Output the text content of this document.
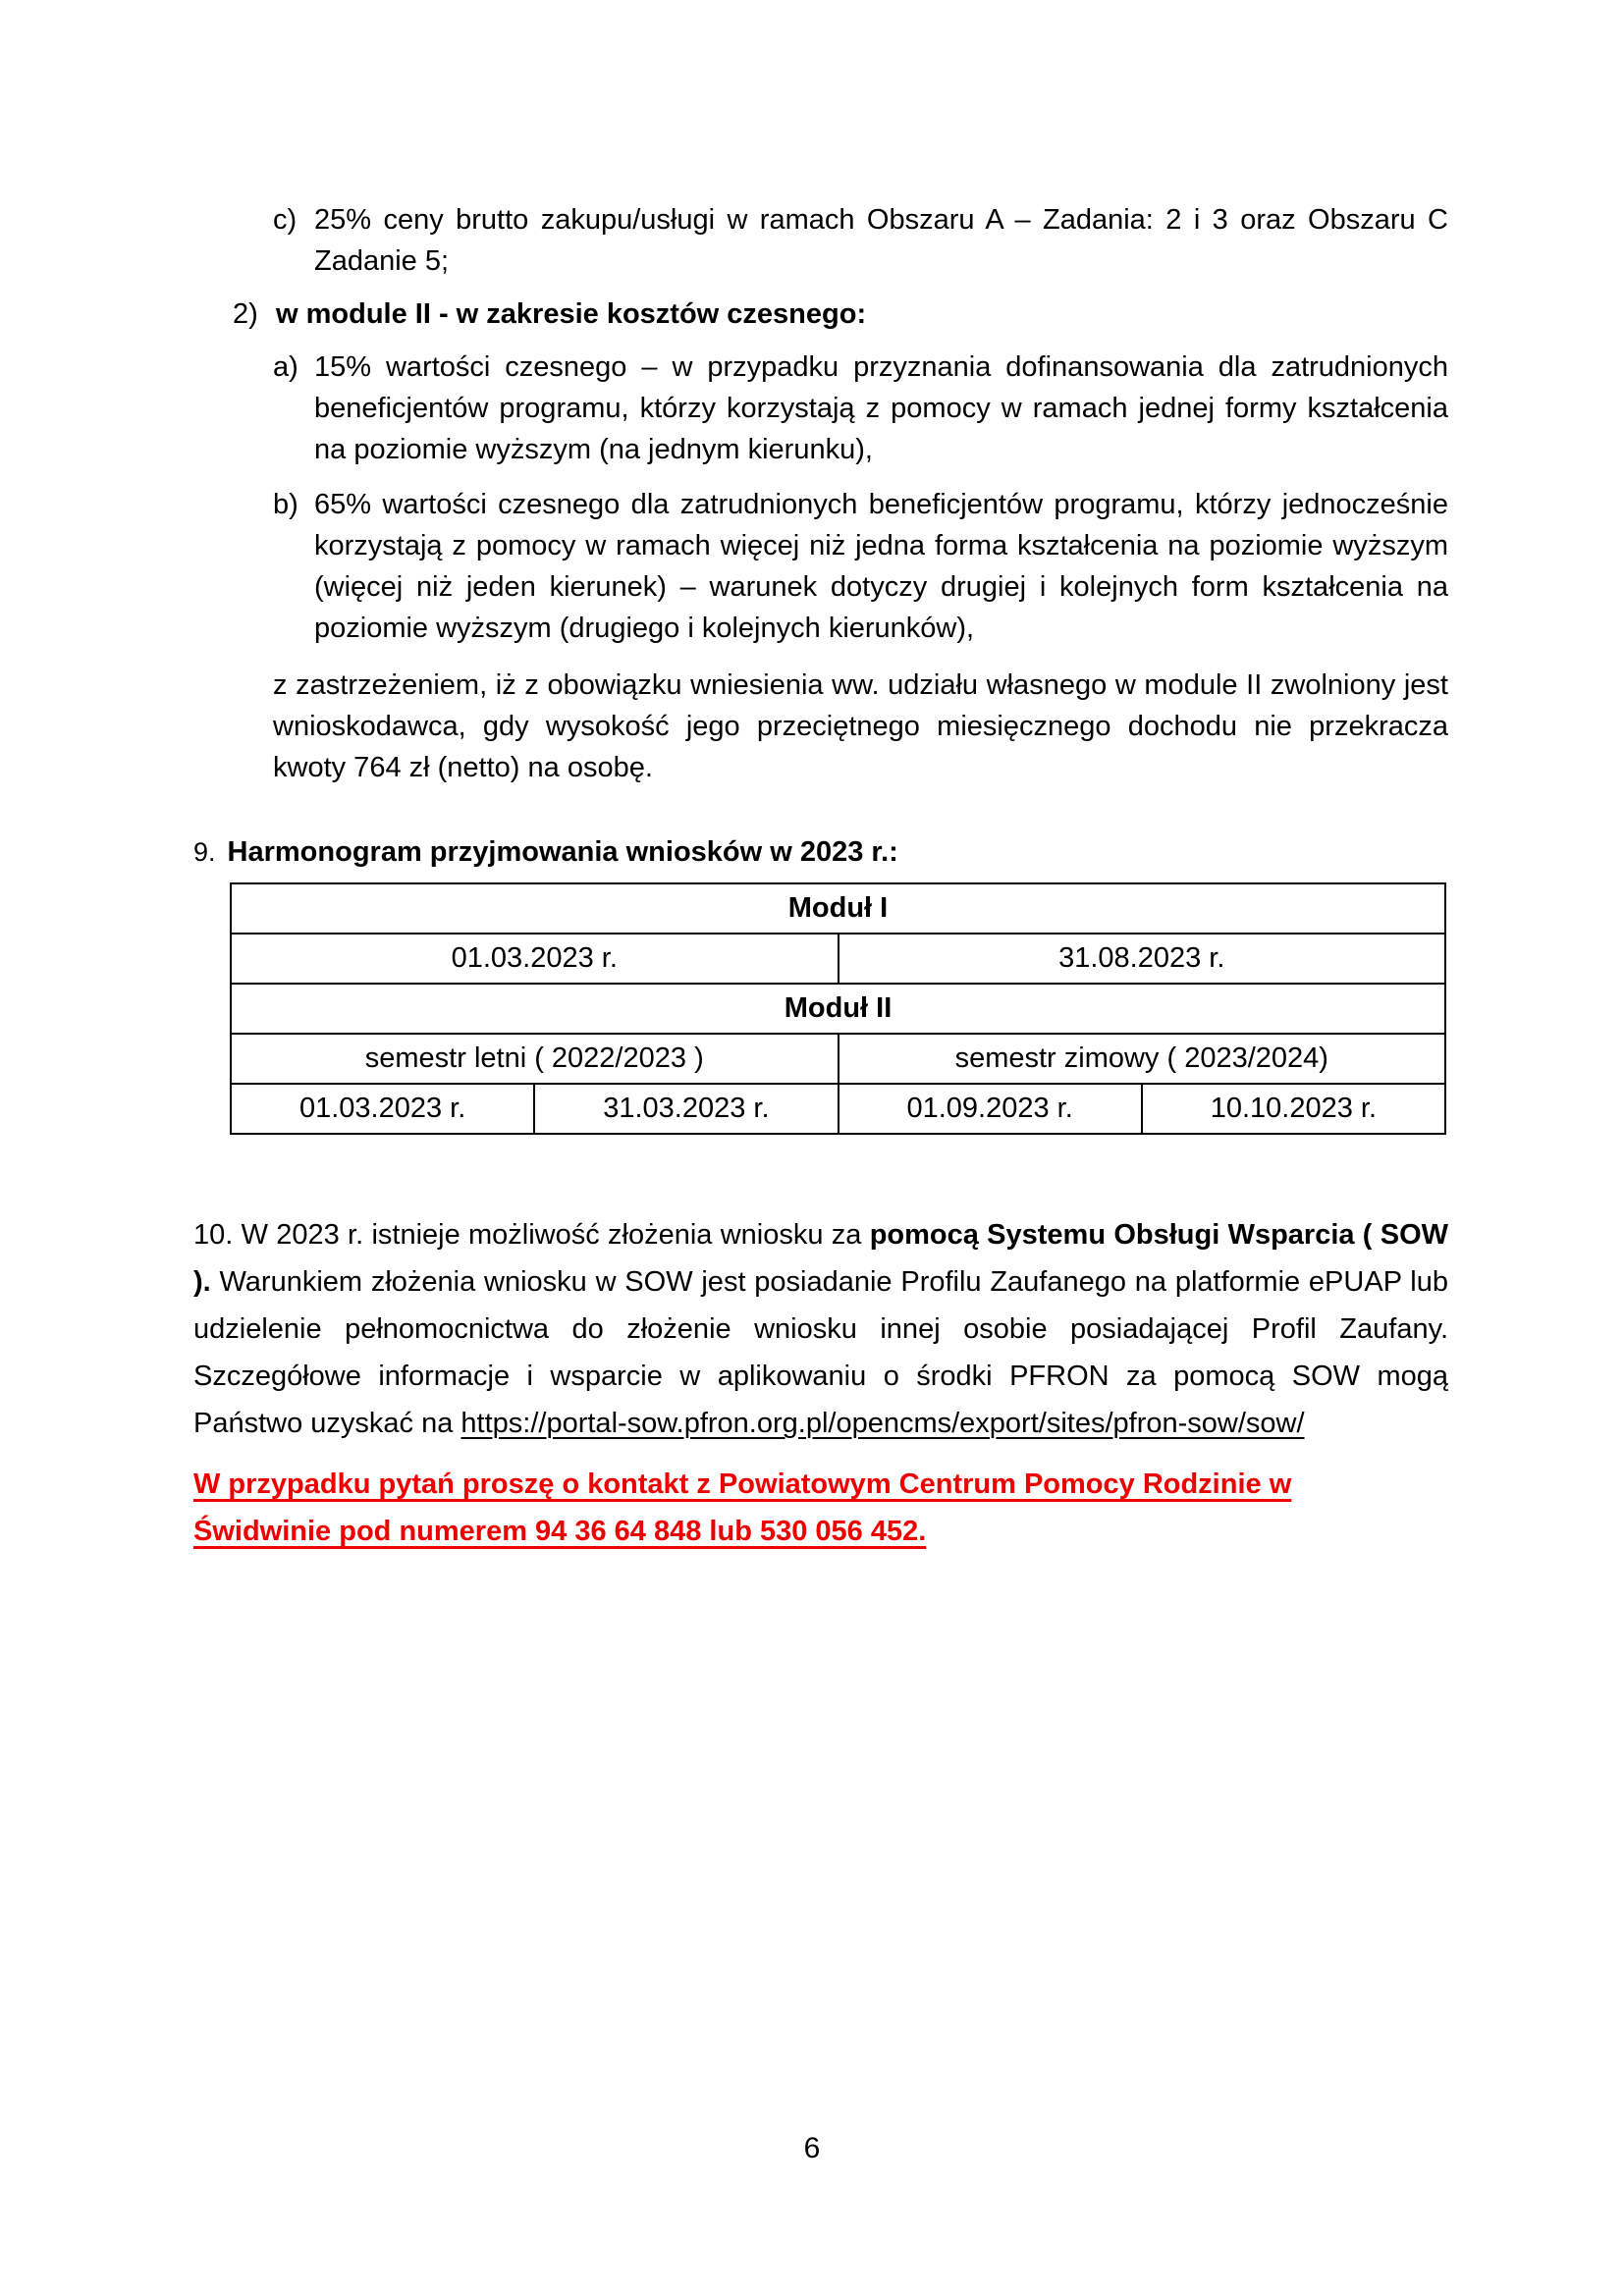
c) 25% ceny brutto zakupu/usługi w ramach Obszaru A – Zadania: 2 i 3 oraz Obszaru C Zadanie 5;
2) w module II - w zakresie kosztów czesnego:
a) 15% wartości czesnego – w przypadku przyznania dofinansowania dla zatrudnionych beneficjentów programu, którzy korzystają z pomocy w ramach jednej formy kształcenia na poziomie wyższym (na jednym kierunku),
b) 65% wartości czesnego dla zatrudnionych beneficjentów programu, którzy jednocześnie korzystają z pomocy w ramach więcej niż jedna forma kształcenia na poziomie wyższym (więcej niż jeden kierunek) – warunek dotyczy drugiej i kolejnych form kształcenia na poziomie wyższym (drugiego i kolejnych kierunków),

z zastrzeżeniem, iż z obowiązku wniesienia ww. udziału własnego w module II zwolniony jest wnioskodawca, gdy wysokość jego przeciętnego miesięcznego dochodu nie przekracza kwoty 764 zł (netto) na osobę.

9. Harmonogram przyjmowania wniosków w 2023 r.:
Moduł I			
01.03.2023 r.		31.08.2023 r.	
Moduł II			
semestr letni ( 2022/2023 )		semestr zimowy ( 2023/2024)	
01.03.2023 r.	31.03.2023 r.	01.09.2023 r.	10.10.2023 r.

10. W 2023 r. istnieje możliwość złożenia wniosku za pomocą Systemu Obsługi Wsparcia ( SOW ). Warunkiem złożenia wniosku w SOW jest posiadanie Profilu Zaufanego na platformie ePUAP lub udzielenie pełnomocnictwa do złożenie wniosku innej osobie posiadającej Profil Zaufany. Szczegółowe informacje i wsparcie w aplikowaniu o środki PFRON za pomocą SOW mogą Państwo uzyskać na https://portal-sow.pfron.org.pl/opencms/export/sites/pfron-sow/sow/

W przypadku pytań proszę o kontakt z Powiatowym Centrum Pomocy Rodzinie w
Świdwinie pod numerem 94 36 64 848 lub 530 056 452.

6
